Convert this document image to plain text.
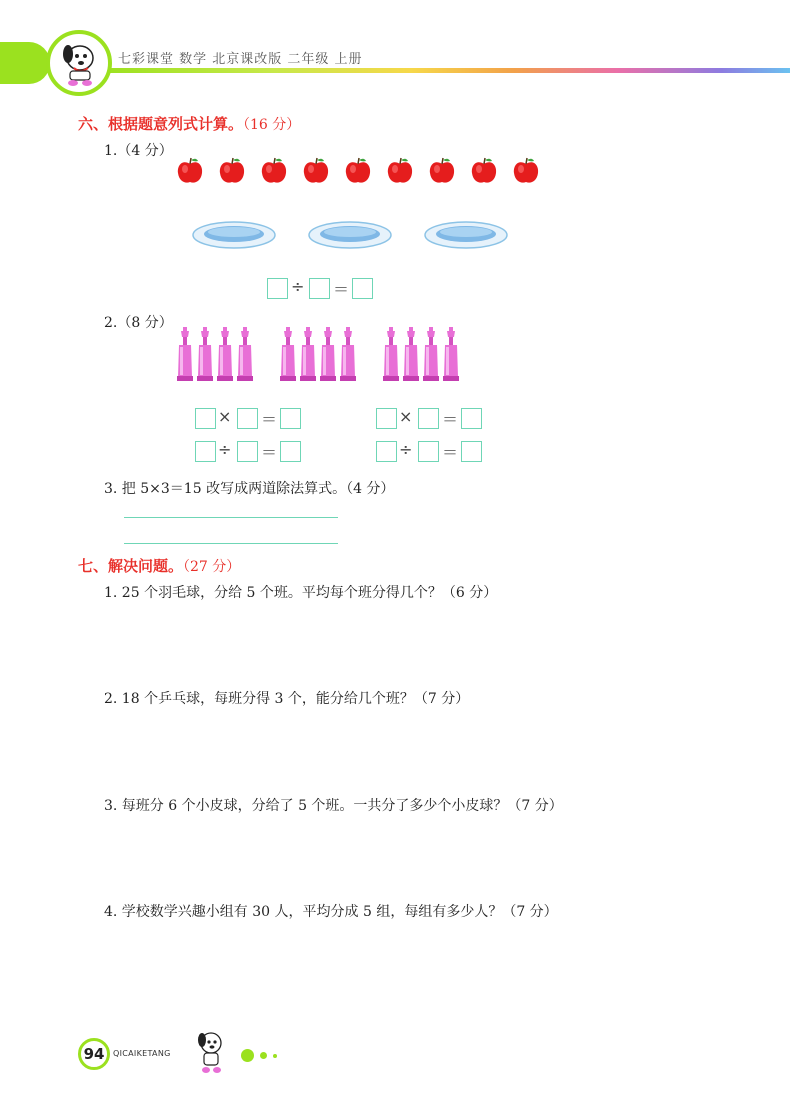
七彩课堂 数学 北京课改版 二年级 上册
六、根据题意列式计算。（16 分）
1.（4 分）
÷ ＝
2.（8 分）
× ＝
÷ ＝
× ＝
÷ ＝
3. 把 5×3＝15 改写成两道除法算式。（4 分）
七、解决问题。（27 分）
1. 25 个羽毛球，分给 5 个班。平均每个班分得几个？（6 分）
2. 18 个乒乓球，每班分得 3 个，能分给几个班？（7 分）
3. 每班分 6 个小皮球，分给了 5 个班。一共分了多少个小皮球？（7 分）
4. 学校数学兴趣小组有 30 人，平均分成 5 组，每组有多少人？（7 分）
94	QICAIKETANG
